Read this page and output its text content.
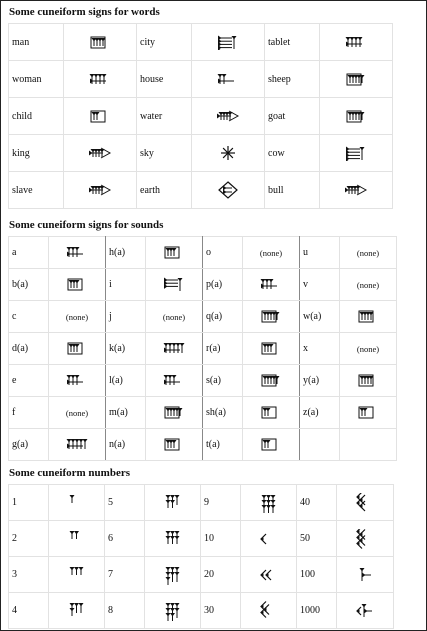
Some cuneiform signs for words
man		city		tablet	

woman		house		sheep	

child		water		goat	

king		sky		cow	

slave		earth		bull	
Some cuneiform signs for sounds
a		h(a)		o	(none)	u	(none)
b(a)		i		p(a)		v	(none)
c	(none)	j	(none)	q(a)		w(a)	

d(a)		k(a)		r(a)		x	(none)
e		l(a)		s(a)		y(a)	

f	(none)	m(a)		sh(a)		z(a)	

g(a)		n(a)		t(a)	

Some cuneiform numbers
1		5		9		40	

2		6		10		50	

3		7		20		100	

4		8		30		1000	
